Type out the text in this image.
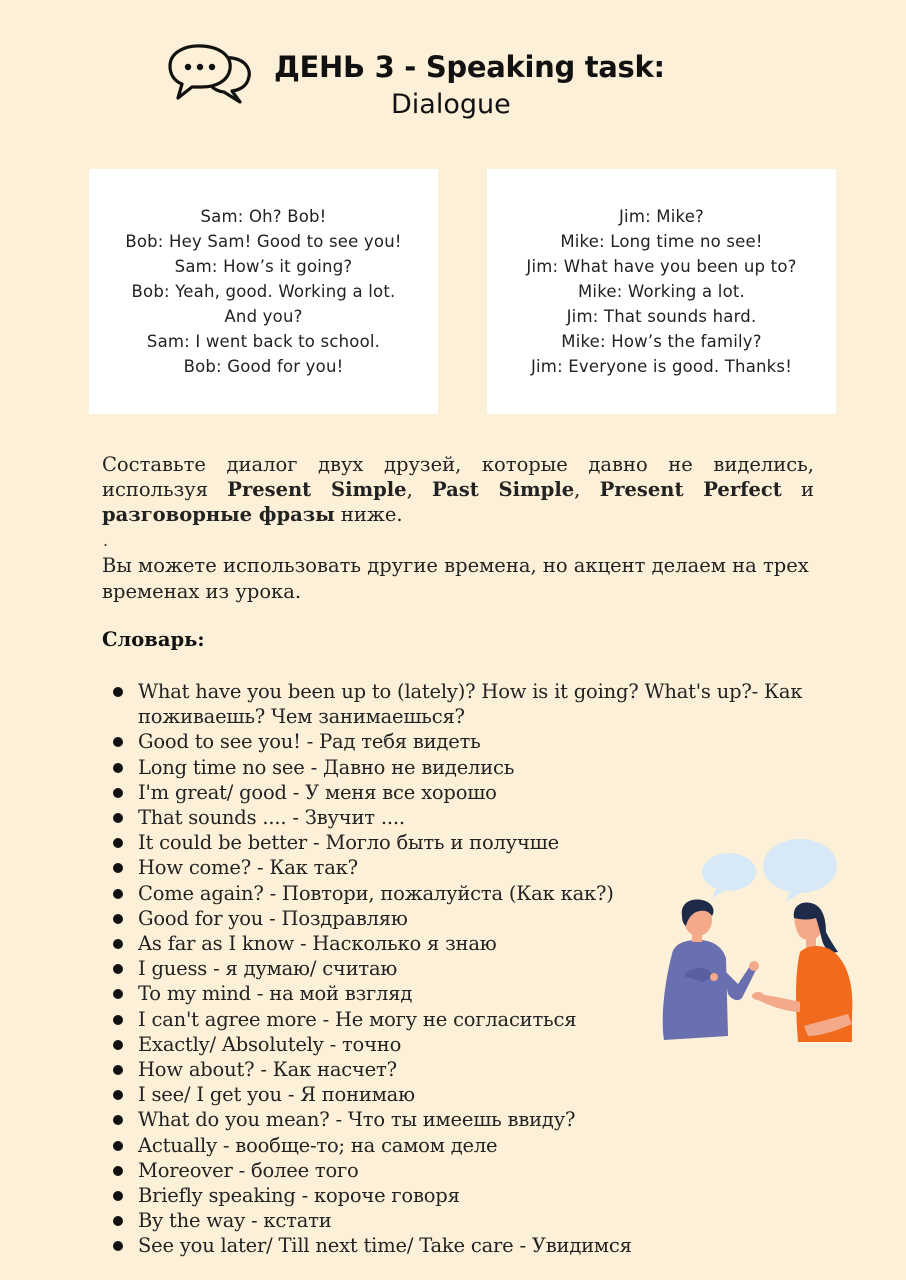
ДЕНЬ 3 - Speaking task:
Dialogue
Sam: Oh? Bob!
Bob: Hey Sam! Good to see you!
Sam: How’s it going?
Bob: Yeah, good. Working a lot.
And you?
Sam: I went back to school.
Bob: Good for you!
Jim: Mike?
Mike: Long time no see!
Jim: What have you been up to?
Mike: Working a lot.
Jim: That sounds hard.
Mike: How’s the family?
Jim: Everyone is good. Thanks!

Составьте диалог двух друзей, которые давно не виделись, используя Present Simple, Past Simple, Present Perfect и разговорные фразы ниже.

.

Вы можете использовать другие времена, но акцент делаем на трех временах из урока.

Словарь:
What have you been up to (lately)? How is it going? What's up?- Как поживаешь? Чем занимаешься?
Good to see you! - Рад тебя видеть
Long time no see - Давно не виделись
I'm great/ good - У меня все хорошо
That sounds .... - Звучит ....
It could be better - Могло быть и получше
How come? - Как так?
Come again? - Повтори, пожалуйста (Как как?)
Good for you - Поздравляю
As far as I know - Насколько я знаю
I guess - я думаю/ считаю
To my mind - на мой взгляд
I can't agree more - Не могу не согласиться
Exactly/ Absolutely - точно
How about? - Как насчет?
I see/ I get you - Я понимаю
What do you mean? - Что ты имеешь ввиду?
Actually - вообще-то; на самом деле
Moreover - более того
Briefly speaking - короче говоря
By the way - кстати
See you later/ Till next time/ Take care - Увидимся
